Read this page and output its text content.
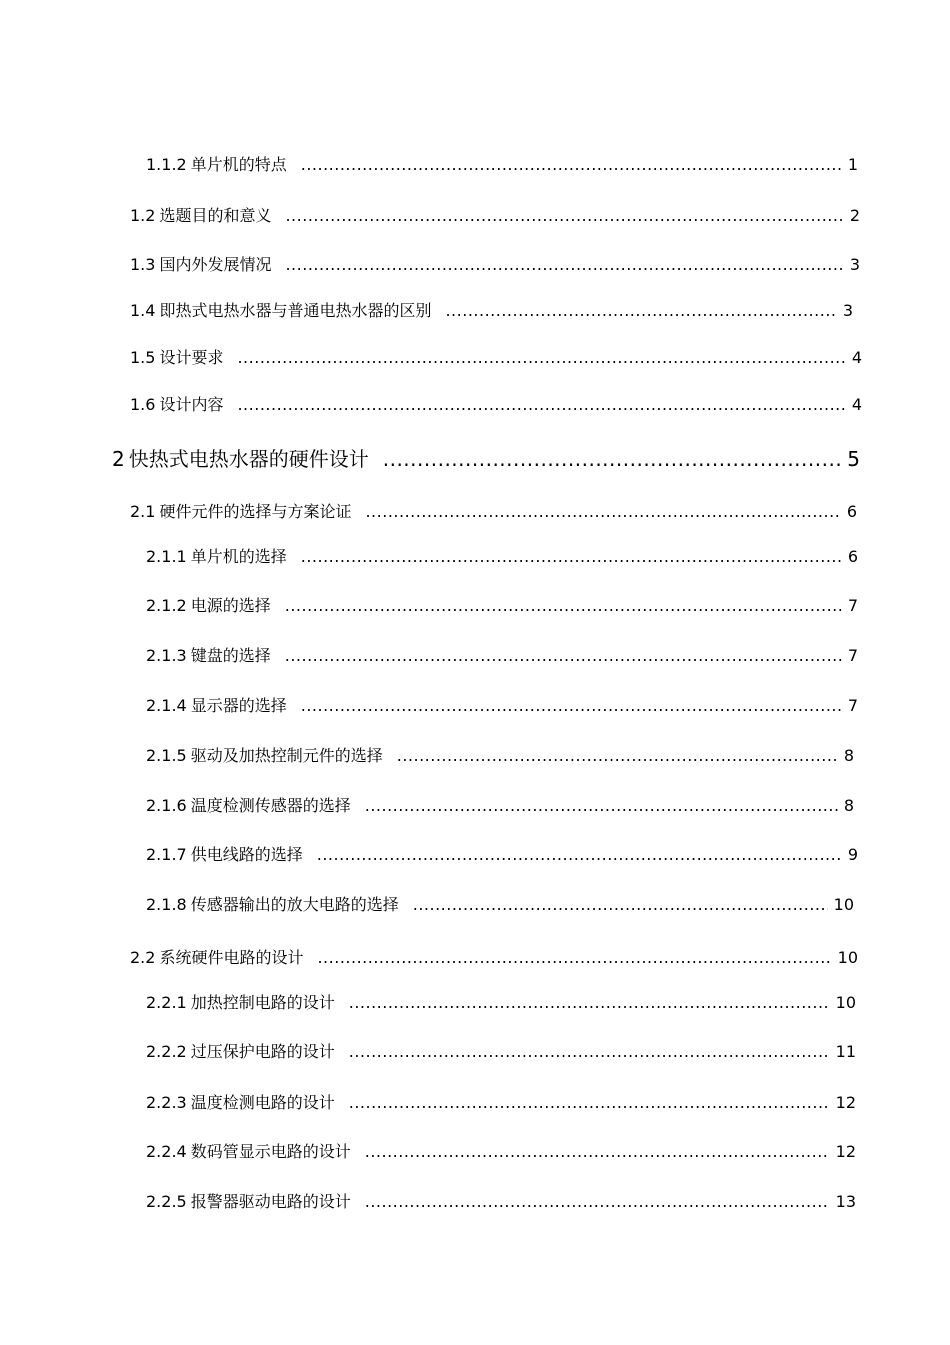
1.1.2 单片机的特点 .....	1
1.2 选题目的和意义 .....	2
1.3 国内外发展情况 .....	3
1.4 即热式电热水器与普通电热水器的区别 .....	3
1.5 设计要求 .....	4
1.6 设计内容 .....	4
2 快热式电热水器的硬件设计 .....	5
2.1 硬件元件的选择与方案论证 .....	6
2.1.1 单片机的选择 .....	6
2.1.2 电源的选择 .....	7
2.1.3 键盘的选择 .....	7
2.1.4 显示器的选择 .....	7
2.1.5 驱动及加热控制元件的选择 .....	8
2.1.6 温度检测传感器的选择 .....	8
2.1.7 供电线路的选择 .....	9
2.1.8 传感器输出的放大电路的选择 .....	10
2.2 系统硬件电路的设计 .....	10
2.2.1 加热控制电路的设计 .....	10
2.2.2 过压保护电路的设计 .....	11
2.2.3 温度检测电路的设计 .....	12
2.2.4 数码管显示电路的设计 .....	12
2.2.5 报警器驱动电路的设计 .....	13
